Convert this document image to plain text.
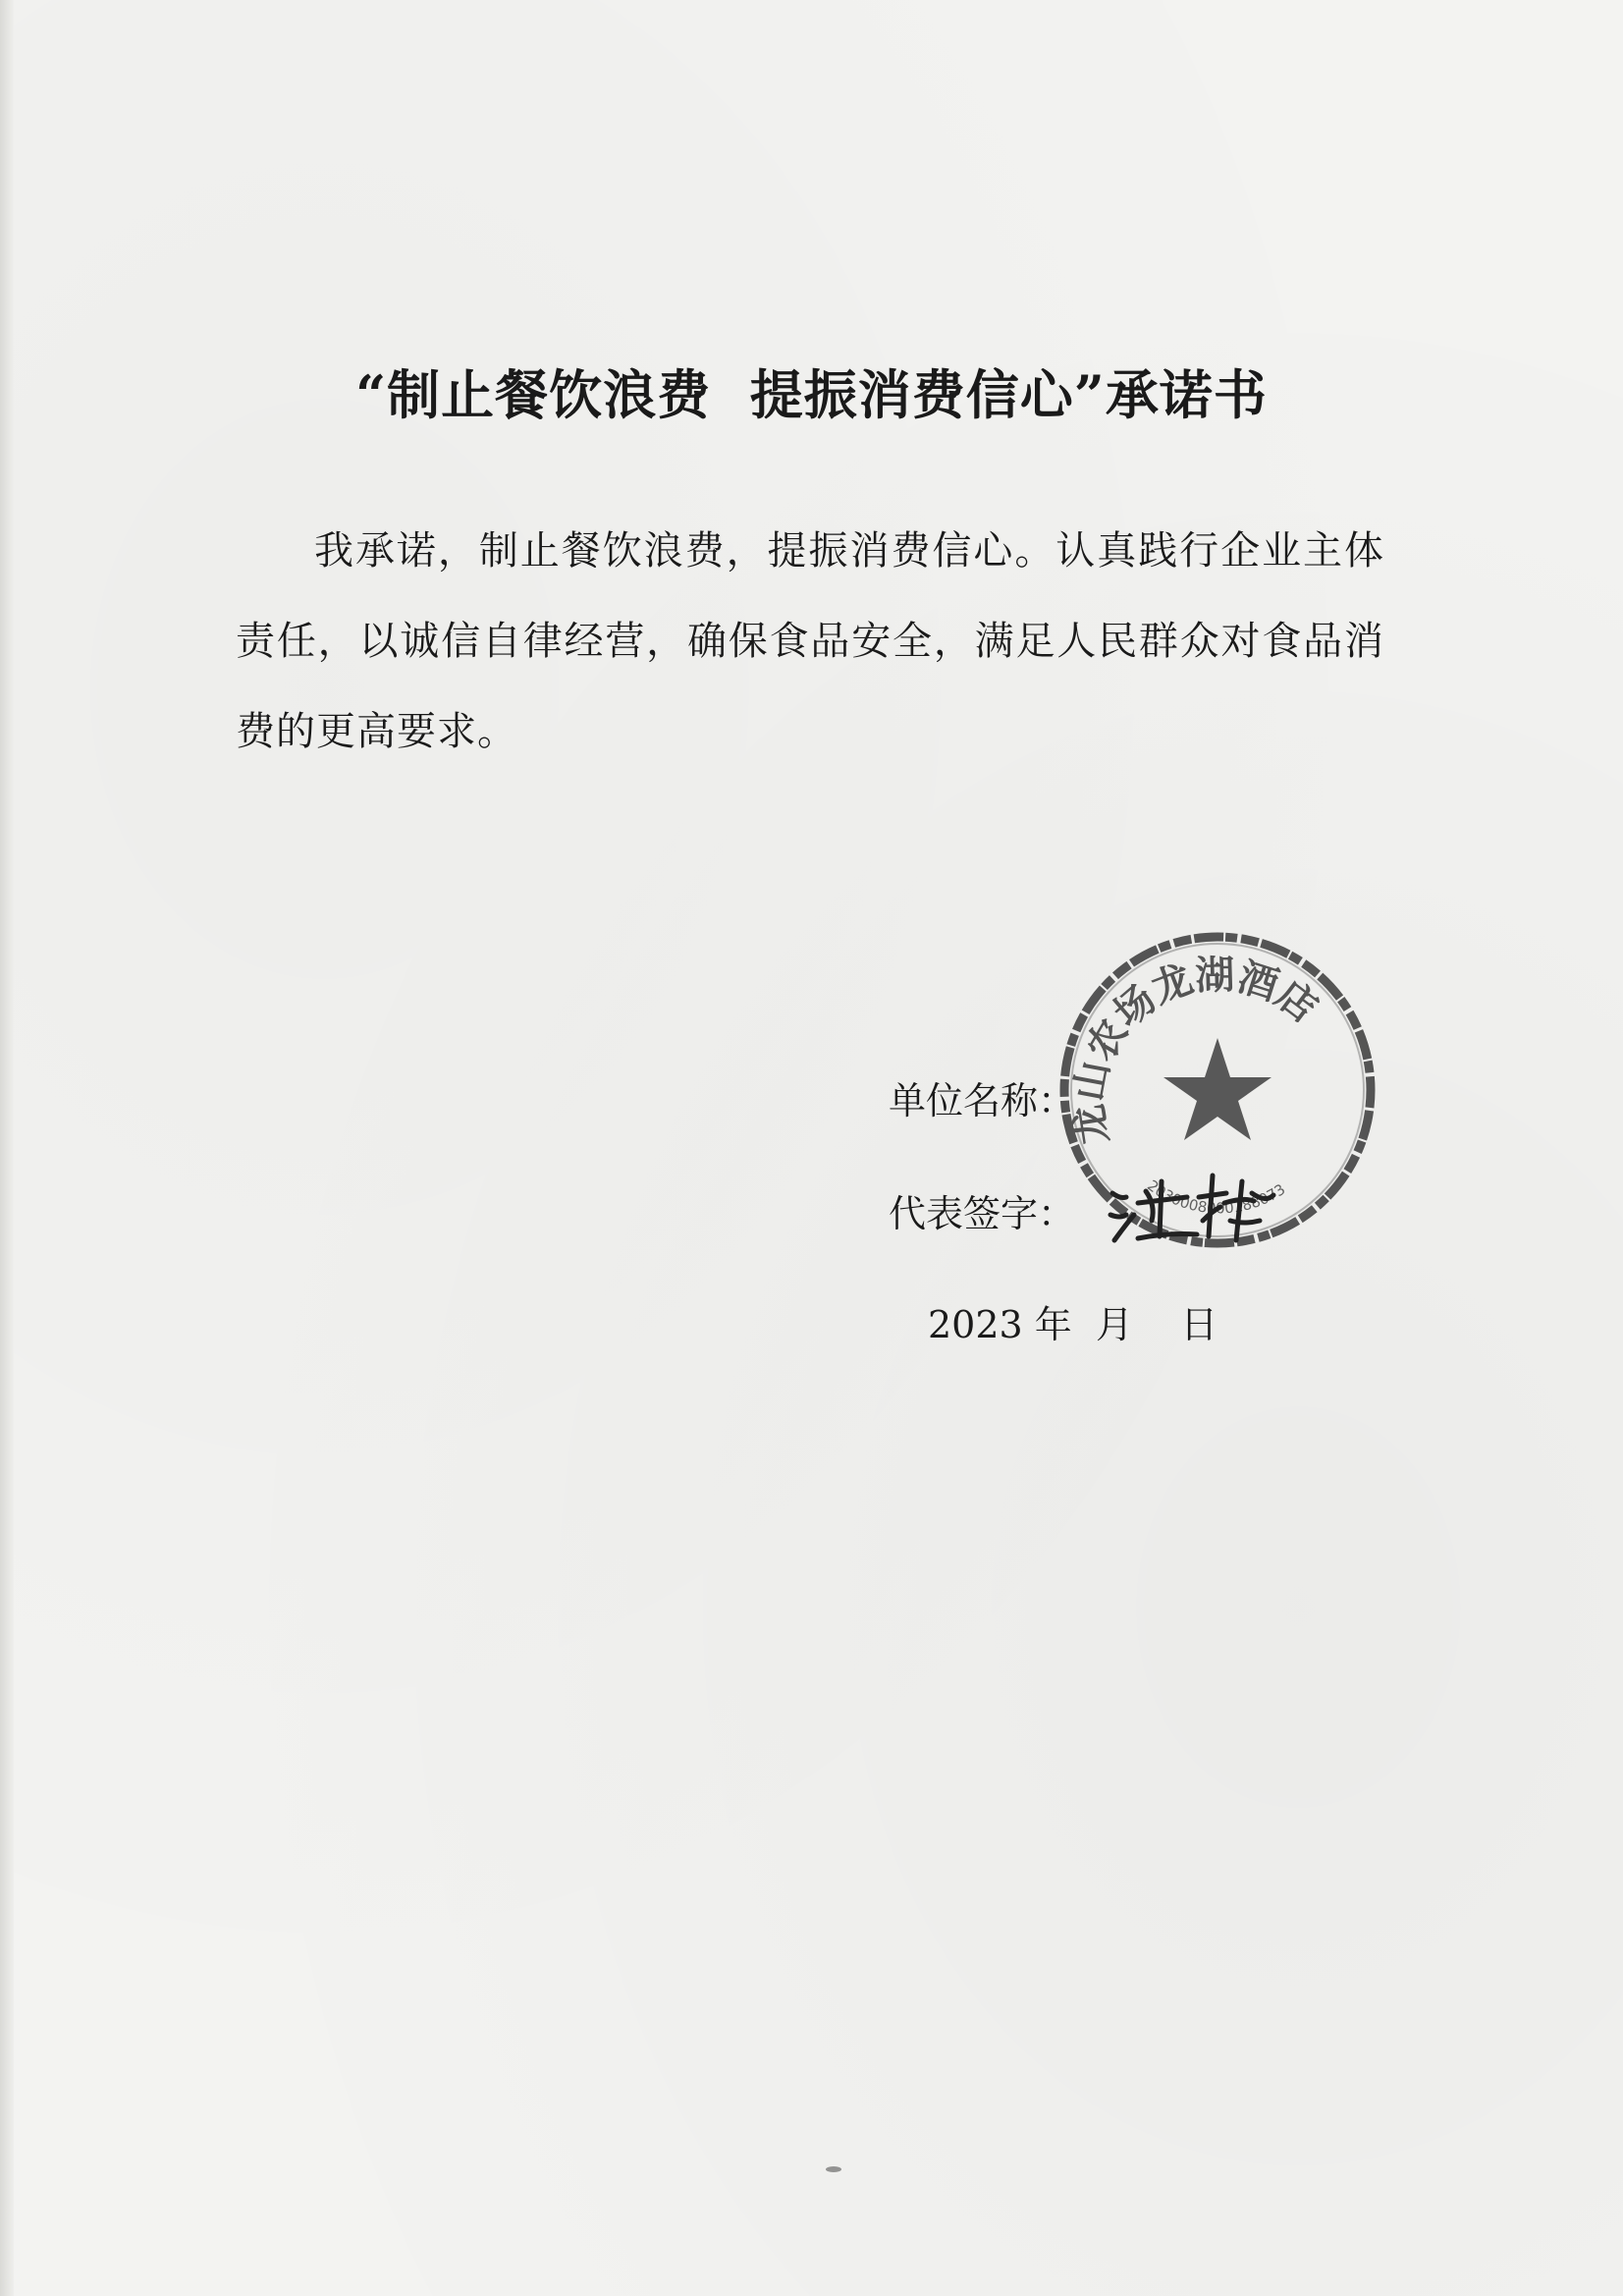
“制止餐饮浪费  提振消费信心”承诺书
我承诺，制止餐饮浪费，提振消费信心。认真践行企业主体责任，以诚信自律经营，确保食品安全，满足人民群众对食品消费的更高要求。
单位名称：
代表签字：
2023 年  月    日
龙山农场龙湖酒店
2030008000188073
